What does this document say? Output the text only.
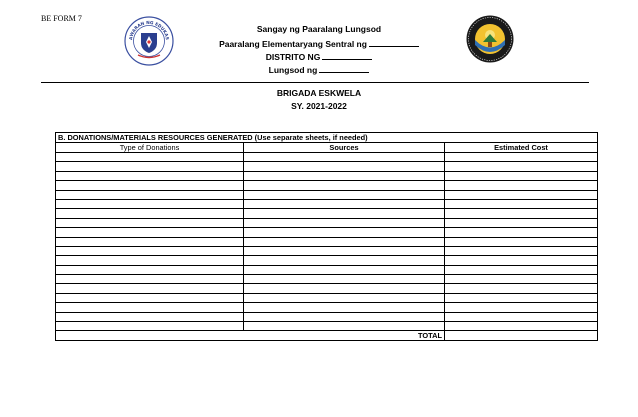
BE FORM 7
AWARAN NG EDUKAS
Sangay ng Paaralang Lungsod
Paaralang Elementaryang Sentral ng
DISTRITO NG
Lungsod ng
BRIGADA ESKWELA
SY. 2021-2022
B. DONATIONS/MATERIALS RESOURCES GENERATED (Use separate sheets, if needed)		
Type of Donations	Sources	Estimated Cost

TOTAL		
